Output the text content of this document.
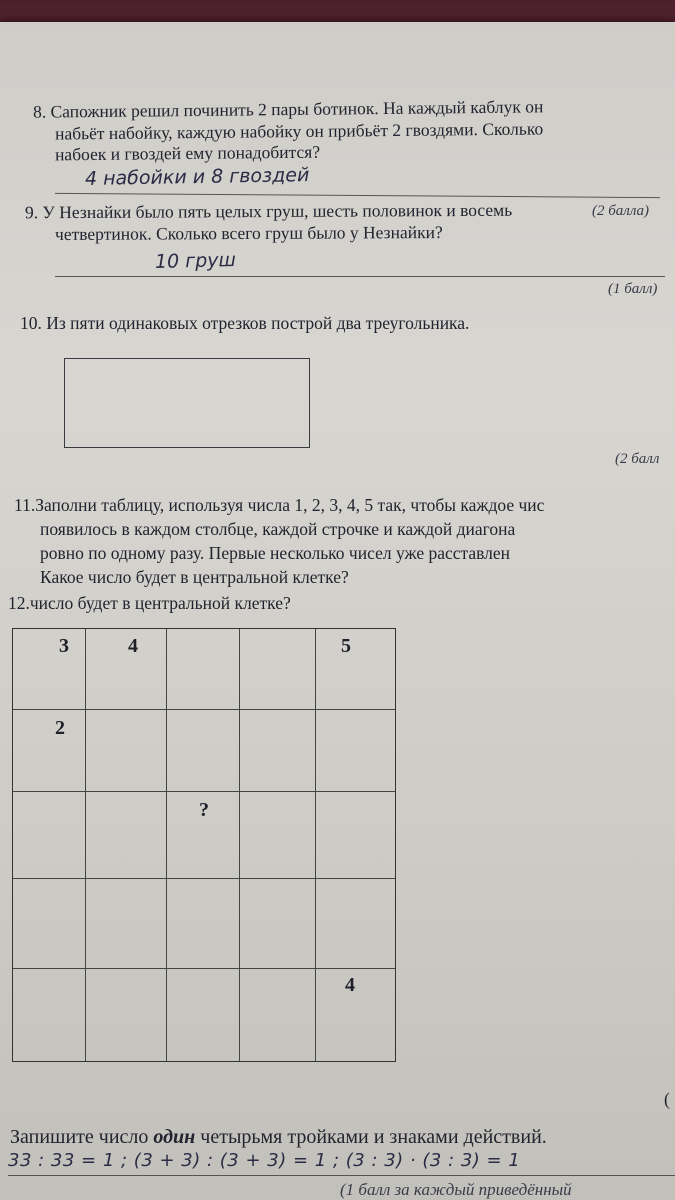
8. Сапожник решил починить 2 пары ботинок. На каждый каблук он
набьёт набойку, каждую набойку он прибьёт 2 гвоздями. Сколько
набоек и гвоздей ему понадобится?
4 набойки и 8 гвоздей
(2 балла)
9. У Незнайки было пять целых груш, шесть половинок и восемь
четвертинок. Сколько всего груш было у Незнайки?
10 груш
(1 балл)
10. Из пяти одинаковых отрезков построй два треугольника.
(2 балл
11.Заполни таблицу, используя числа 1, 2, 3, 4, 5 так, чтобы каждое чис
появилось в каждом столбце, каждой строчке и каждой диагона
ровно по одному разу. Первые несколько чисел уже расставлен
Какое число будет в центральной клетке?
12.число будет в центральной клетке?
3	4	5
2
?
4
(
Запишите число один четырьмя тройками и знаками действий.
33 : 33 = 1 ; (3 + 3) : (3 + 3) = 1 ; (3 : 3) · (3 : 3) = 1
(1 балл за каждый приведённый
